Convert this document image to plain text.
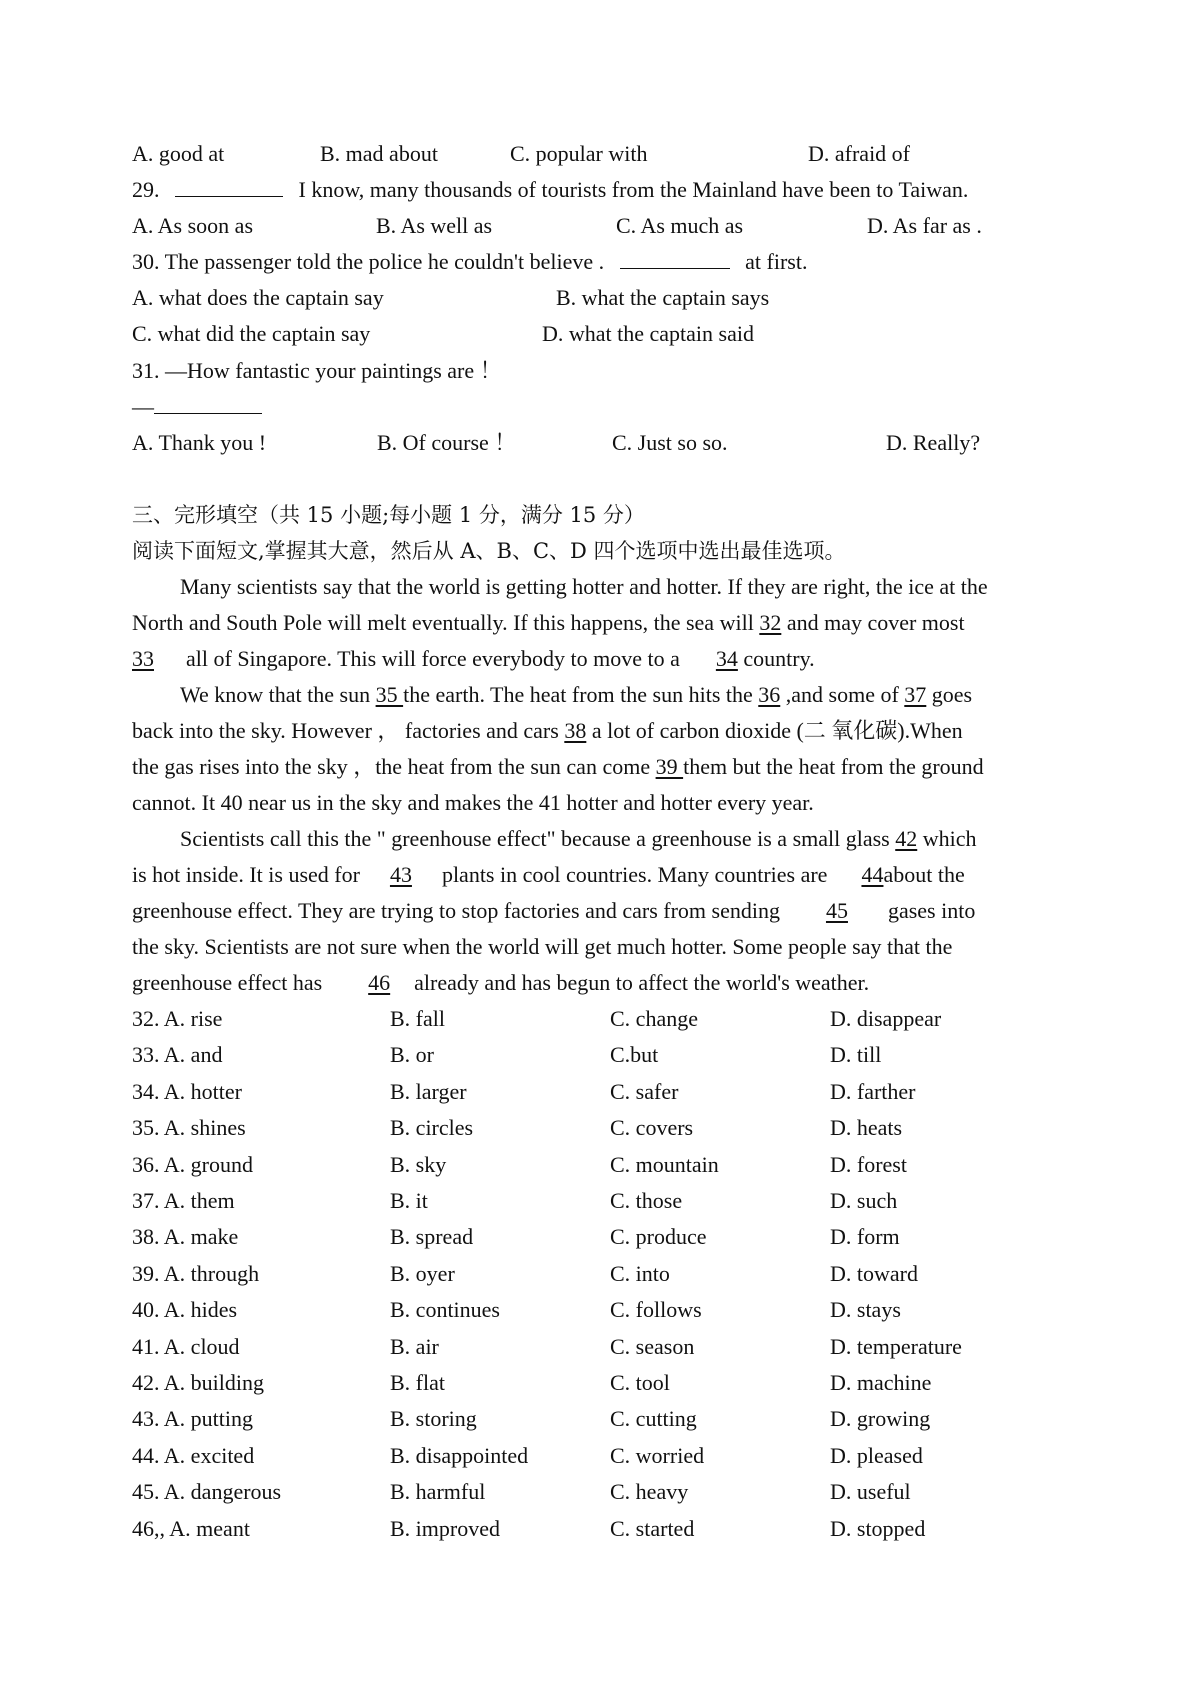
A. good at	B. mad about	C. popular with	D. afraid of
29.	I know, many thousands of tourists from the Mainland have been to Taiwan.
A. As soon as	B. As well as	C. As much as	D. As far as .
30. The passenger told the police he couldn't believe .	at first.
A. what does the captain say	B. what the captain says
C. what did the captain say	D. what the captain said
31. —How fantastic your paintings are ！
—
A. Thank you !	B. Of course ！	C. Just so so.	D. Really?
三、完形填空（共 15 小题;每小题 1 分，满分 15 分）
阅读下面短文,掌握其大意，然后从 A、B、C、D 四个选项中选出最佳选项。
Many scientists say that the world is getting hotter and hotter. If they are right, the ice at the
North and South Pole will melt eventually. If this happens, the sea will 32 and may cover most
33 all of Singapore. This will force everybody to move to a 34 country.
We know that the sun 35 the earth. The heat from the sun hits the 36 ,and some of 37 goes
back into the sky. However ， factories and cars 38 a lot of carbon dioxide (二 氧化碳).When
the gas rises into the sky ，the heat from the sun can come 39 them but the heat from the ground
cannot. It 40 near us in the sky and makes the 41 hotter and hotter every year.
Scientists call this the " greenhouse effect" because a greenhouse is a small glass 42 which
is hot inside. It is used for 43 plants in cool countries. Many countries are 44about the
greenhouse effect. They are trying to stop factories and cars from sending 45 gases into
the sky. Scientists are not sure when the world will get much hotter. Some people say that the
greenhouse effect has 46 already and has begun to affect the world's weather.
32. A. rise	B. fall	C. change	D. disappear
33. A. and	B. or	C.but	D. till
34. A. hotter	B. larger	C. safer	D. farther
35. A. shines	B. circles	C. covers	D. heats
36. A. ground	B. sky	C. mountain	D. forest
37. A. them	B. it	C. those	D. such
38. A. make	B. spread	C. produce	D. form
39. A. through	B. oyer	C. into	D. toward
40. A. hides	B. continues	C. follows	D. stays
41. A. cloud	B. air	C. season	D. temperature
42. A. building	B. flat	C. tool	D. machine
43. A. putting	B. storing	C. cutting	D. growing
44. A. excited	B. disappointed	C. worried	D. pleased
45. A. dangerous	B. harmful	C. heavy	D. useful
46,, A. meant	B. improved	C. started	D. stopped
